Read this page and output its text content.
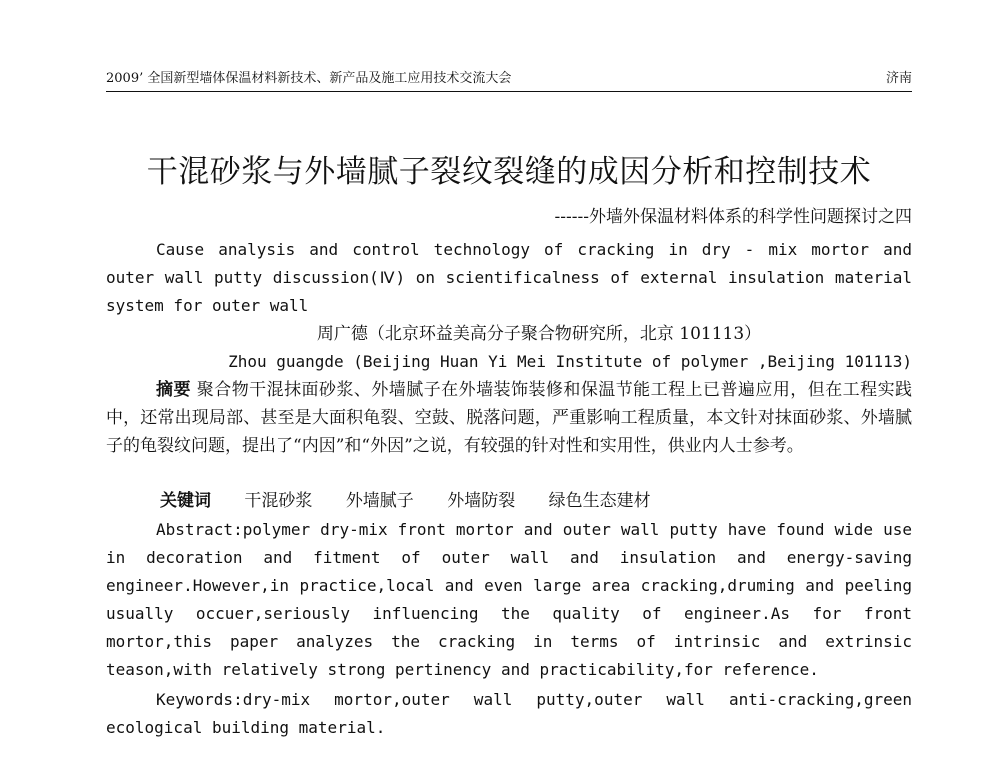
2009’ 全国新型墙体保温材料新技术、新产品及施工应用技术交流大会	济南
干混砂浆与外墙腻子裂纹裂缝的成因分析和控制技术
------外墙外保温材料体系的科学性问题探讨之四

Cause analysis and control technology of cracking in dry - mix mortor and outer wall putty discussion(Ⅳ) on scientificalness of external insulation material system for outer wall

周广德（北京环益美高分子聚合物研究所，北京 101113）

Zhou guangde (Beijing Huan Yi Mei Institute of polymer ,Beijing 101113)

摘要 聚合物干混抹面砂浆、外墙腻子在外墙装饰装修和保温节能工程上已普遍应用，但在工程实践中，还常出现局部、甚至是大面积龟裂、空鼓、脱落问题，严重影响工程质量，本文针对抹面砂浆、外墙腻子的龟裂纹问题，提出了“内因”和“外因”之说，有较强的针对性和实用性，供业内人士参考。

关键词 干混砂浆 外墙腻子 外墙防裂 绿色生态建材

Abstract:polymer dry-mix front mortor and outer wall putty have found wide use in decoration and fitment of outer wall and insulation and energy-saving engineer.However,in practice,local and even large area cracking,druming and peeling usually occuer,seriously influencing the quality of engineer.As for front mortor,this paper analyzes the cracking in terms of intrinsic and extrinsic teason,with relatively strong pertinency and practicability,for reference.

Keywords:dry-mix mortor,outer wall putty,outer wall anti-cracking,green ecological building material.
